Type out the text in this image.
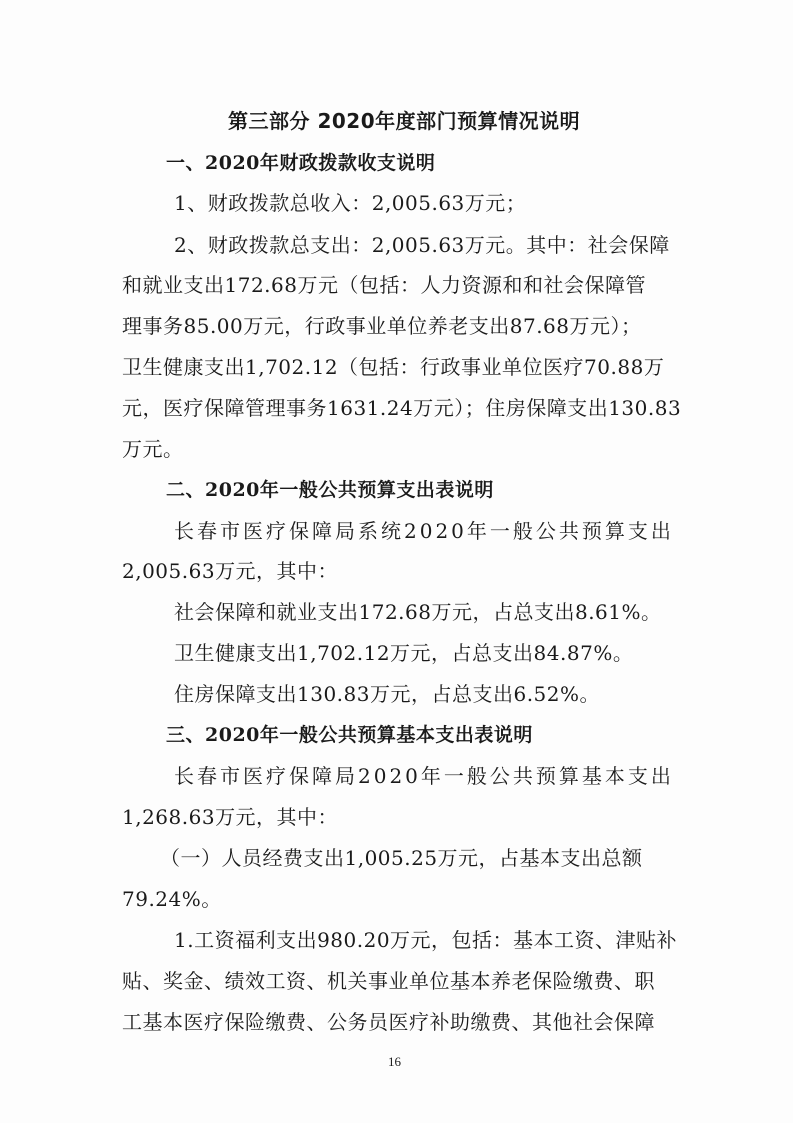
第三部分 2020年度部门预算情况说明
一、2020年财政拨款收支说明
1、财政拨款总收入：2,005.63万元；
2、财政拨款总支出：2,005.63万元。其中：社会保障
和就业支出172.68万元（包括：人力资源和和社会保障管
理事务85.00万元，行政事业单位养老支出87.68万元）；
卫生健康支出1,702.12（包括：行政事业单位医疗70.88万
元，医疗保障管理事务1631.24万元）；住房保障支出130.83
万元。
二、2020年一般公共预算支出表说明
长春市医疗保障局系统2020年一般公共预算支出
2,005.63万元，其中：
社会保障和就业支出172.68万元，占总支出8.61%。
卫生健康支出1,702.12万元，占总支出84.87%。
住房保障支出130.83万元，占总支出6.52%。
三、2020年一般公共预算基本支出表说明
长春市医疗保障局2020年一般公共预算基本支出
1,268.63万元，其中：
（一）人员经费支出1,005.25万元，占基本支出总额
79.24%。
1.工资福利支出980.20万元，包括：基本工资、津贴补
贴、奖金、绩效工资、机关事业单位基本养老保险缴费、职
工基本医疗保险缴费、公务员医疗补助缴费、其他社会保障
16
